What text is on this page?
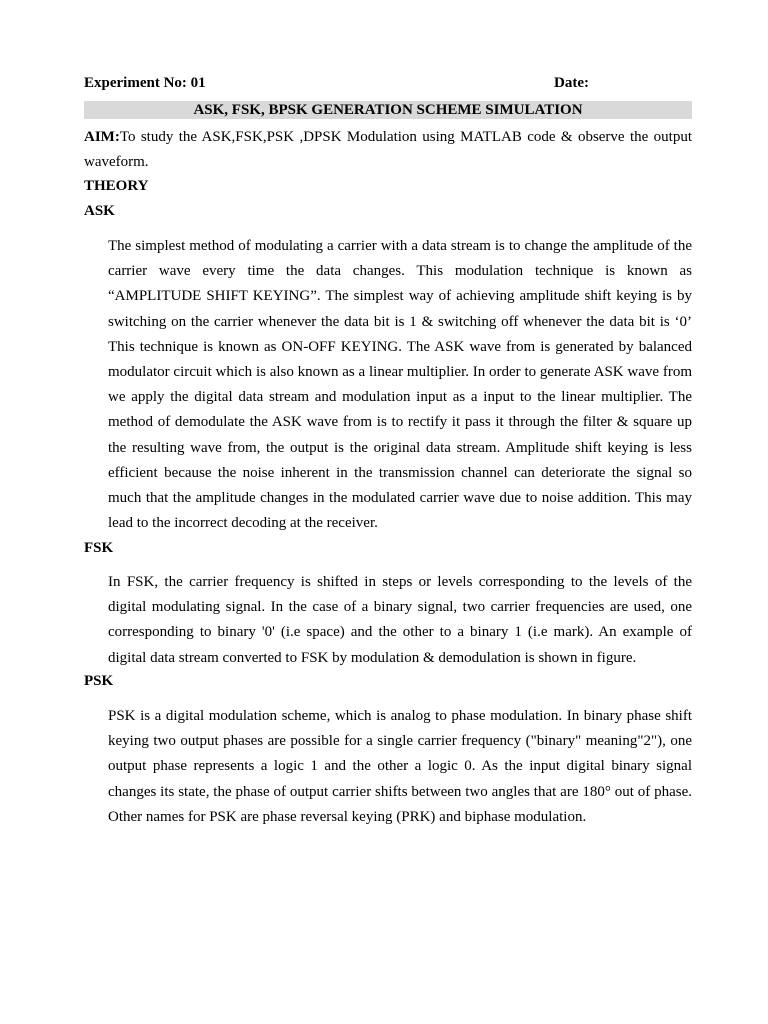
Experiment No: 01	Date:
ASK, FSK, BPSK GENERATION SCHEME SIMULATION
AIM:To study the ASK,FSK,PSK ,DPSK Modulation using MATLAB code & observe the output waveform.
THEORY
ASK
The simplest method of modulating a carrier with a data stream is to change the amplitude of the carrier wave every time the data changes. This modulation technique is known as “AMPLITUDE SHIFT KEYING”. The simplest way of achieving amplitude shift keying is by switching on the carrier whenever the data bit is 1 & switching off whenever the data bit is ‘0’ This technique is known as ON-OFF KEYING. The ASK wave from is generated by balanced modulator circuit which is also known as a linear multiplier. In order to generate ASK wave from we apply the digital data stream and modulation input as a input to the linear multiplier. The method of demodulate the ASK wave from is to rectify it pass it through the filter & square up the resulting wave from, the output is the original data stream. Amplitude shift keying is less efficient because the noise inherent in the transmission channel can deteriorate the signal so much that the amplitude changes in the modulated carrier wave due to noise addition. This may lead to the incorrect decoding at the receiver.
FSK
In FSK, the carrier frequency is shifted in steps or levels corresponding to the levels of the digital modulating signal. In the case of a binary signal, two carrier frequencies are used, one corresponding to binary '0' (i.e space) and the other to a binary 1 (i.e mark). An example of digital data stream converted to FSK by modulation & demodulation is shown in figure.
PSK
PSK is a digital modulation scheme, which is analog to phase modulation. In binary phase shift keying two output phases are possible for a single carrier frequency ("binary" meaning"2"), one output phase represents a logic 1 and the other a logic 0. As the input digital binary signal changes its state, the phase of output carrier shifts between two angles that are 180° out of phase. Other names for PSK are phase reversal keying (PRK) and biphase modulation.
